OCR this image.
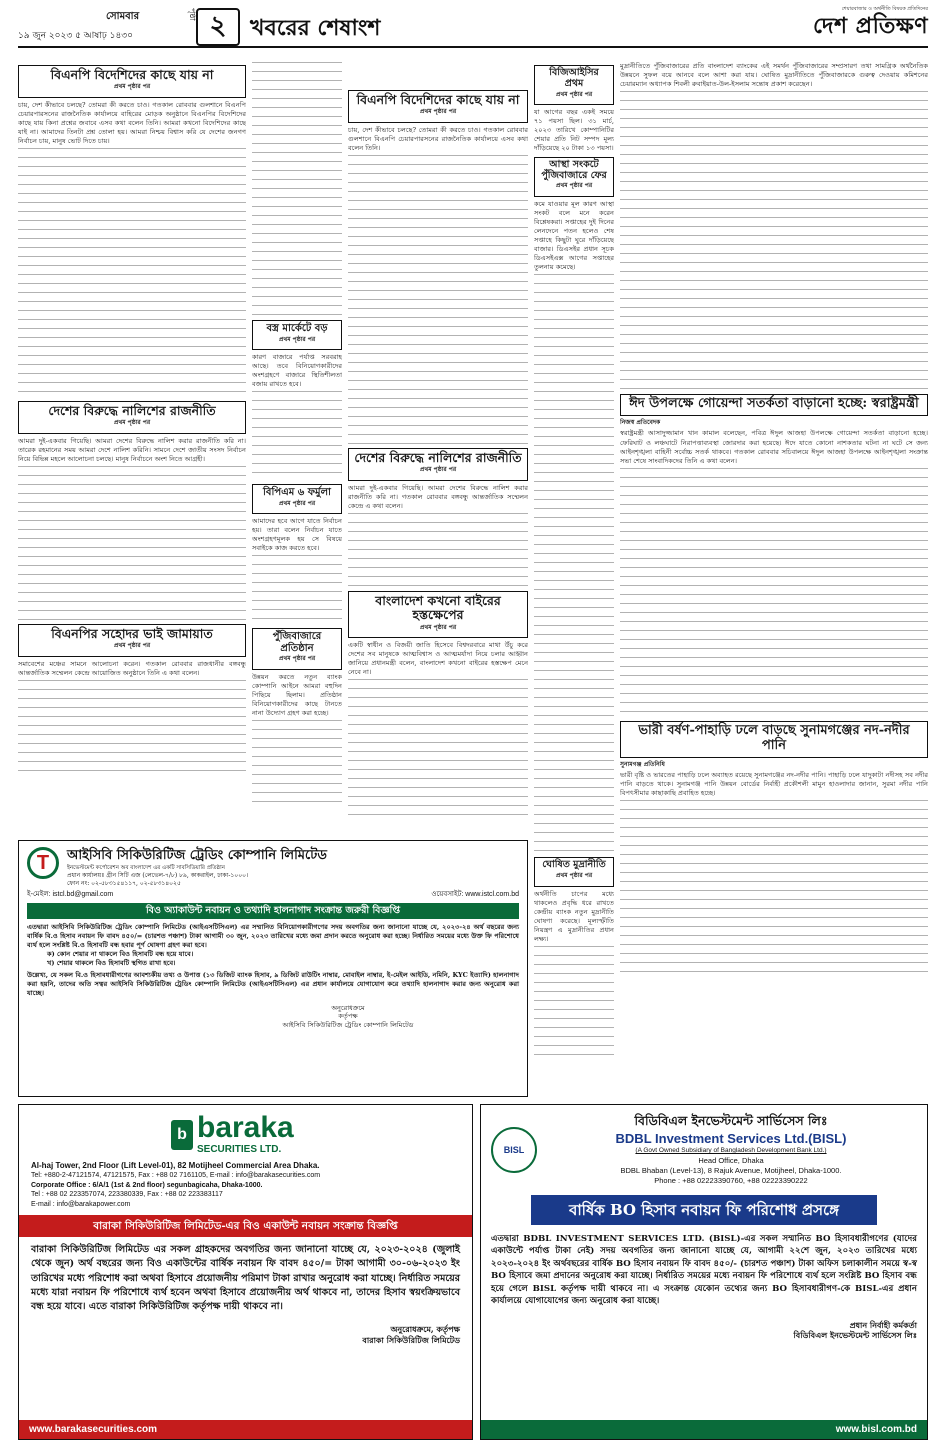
সোমবার
১৯ জুন ২০২৩ ৫ আষাঢ় ১৪৩০
পৃষ্ঠা ২	খবরের শেষাংশ
শেয়ারবাজার ও অর্থনীতি বিষয়ক প্রতিদিনের
দেশ প্রতিক্ষণ
বিএনপি বিদেশিদের কাছে যায় না
প্রথম পৃষ্ঠার পর

চায়, দেশ কীভাবে চলছে? তোমরা কী করতে চাও। গতকাল রোববার গুলশানে বিএনপি চেয়ারপারসনের রাজনৈতিক কার্যালয়ে বাহিরের মোড়ক অনুষ্ঠানে বিএনপির বিদেশিদের কাছে যায় কিনা প্রশ্নের জবাবে এসব কথা বলেন তিনি। আমরা কখনো বিদেশিদের কাছে যাই না। আমাদের তিনটা প্রশ্ন তোলা হয়। আমরা নিশ্চয় বিশ্বাস করি যে দেশের জনগণ নির্বাচন চায়, মানুষ ভোট দিতে চায়।

দেশের বিরুদ্ধে নালিশের রাজনীতি
প্রথম পৃষ্ঠার পর

আমরা দুই-একবার গিয়েছি। আমরা দেশের বিরুদ্ধে নালিশ করার রাজনীতি করি না। তারেক রহমানের সময় আমরা দেশে নালিশ করিনি। সামনে দেশে জাতীয় সংসদ নির্বাচন নিয়ে বিভিন্ন মহলে আলোচনা চলছে। মানুষ নির্বাচনে অংশ নিতে আগ্রহী।

বিএনপির সহোদর ভাই জামায়াত
প্রথম পৃষ্ঠার পর

সমাবেশের মঞ্চের সামনে আলোচনা করেন। গতকাল রোববার রাজধানীর বঙ্গবন্ধু আন্তর্জাতিক সম্মেলন কেন্দ্রে আয়োজিত অনুষ্ঠানে তিনি এ কথা বলেন।

বস্ত্র মার্কেটে বড়
প্রথম পৃষ্ঠার পর

কারণ বাজারে পর্যাপ্ত সরবরাহ আছে। তবে বিনিয়োগকারীদের অংশগ্রহণে বাজারে স্থিতিশীলতা বজায় রাখতে হবে।

বিপিএম ৬ ফর্মুলা
প্রথম পৃষ্ঠার পর

আমাদের হবে আগে যাতে নির্বাচন হয়। তারা বলেন নির্বাচন যাতে অংশগ্রহণমূলক হয় সে বিষয়ে সবাইকে কাজ করতে হবে।

পুঁজিবাজারে প্রতিষ্ঠান
প্রথম পৃষ্ঠার পর

উন্নয়ন করতে নতুন ব্যাংক কোম্পানি আইনে আমরা বহুদিন পিছিয়ে ছিলাম। প্রতিষ্ঠান বিনিয়োগকারীদের কাছে টানতে নানা উদ্যোগ গ্রহণ করা হচ্ছে।

বিএনপি বিদেশিদের কাছে যায় না
প্রথম পৃষ্ঠার পর

চায়, দেশ কীভাবে চলছে? তোমরা কী করতে চাও। গতকাল রোববার গুলশানে বিএনপি চেয়ারপারসনের রাজনৈতিক কার্যালয়ে এসব কথা বলেন তিনি।

দেশের বিরুদ্ধে নালিশের রাজনীতি
প্রথম পৃষ্ঠার পর

আমরা দুই-একবার গিয়েছি। আমরা দেশের বিরুদ্ধে নালিশ করার রাজনীতি করি না। গতকাল রোববার বঙ্গবন্ধু আন্তর্জাতিক সম্মেলন কেন্দ্রে এ কথা বলেন।

বাংলাদেশ কখনো বাইরের হস্তক্ষেপের
প্রথম পৃষ্ঠার পর

একটি স্বাধীন ও বিজয়ী জাতি হিসেবে বিশ্বদরবারে মাথা উঁচু করে দেশের সব মানুষকে আত্মবিশ্বাস ও আত্মমর্যাদা নিয়ে চলার আহ্বান জানিয়ে প্রধানমন্ত্রী বলেন, বাংলাদেশ কখনো বাইরের হস্তক্ষেপ মেনে নেবে না।

বিজিআইসির প্রথম
প্রথম পৃষ্ঠার পর

যা আগের বছর একই সময়ে ৭১ পয়সা ছিল। ৩১ মার্চ, ২০২৩ তারিখে কোম্পানিটির শেয়ার প্রতি নিট সম্পদ মূল্য দাঁড়িয়েছে ২০ টাকা ১৩ পয়সা।

আস্থা সংকটে পুঁজিবাজারে ফের
প্রথম পৃষ্ঠার পর

কমে যাওয়ার মূল কারণ আস্থা সংকট বলে মনে করেন বিশ্লেষকরা। সপ্তাহের দুই দিনের লেনদেনে পতন হলেও শেষ সপ্তাহে কিছুটা ঘুরে দাঁড়িয়েছে বাজার। ডিএসইর প্রধান সূচক ডিএসইএক্স আগের সপ্তাহের তুলনায় কমেছে।

ঘোষিত মুদ্রানীতি
প্রথম পৃষ্ঠার পর

অর্থনীতি চাপের মধ্যে থাকলেও প্রবৃদ্ধি ধরে রাখতে কেন্দ্রীয় ব্যাংক নতুন মুদ্রানীতি ঘোষণা করেছে। মূল্যস্ফীতি নিয়ন্ত্রণ এ মুদ্রানীতির প্রধান লক্ষ্য।

মুদ্রানীতিতে পুঁজিবাজারের প্রতি বাংলাদেশ ব্যাংকের এই সমর্থন পুঁজিবাজারের সম্প্রসারণ তথা সামগ্রিক অর্থনৈতিক উন্নয়নে সুফল বয়ে আনবে বলে আশা করা যায়। ঘোষিত মুদ্রানীতিতে পুঁজিবাজারকে গুরুত্ব দেওয়ায় কমিশনের চেয়ারম্যান অধ্যাপক শিবলী রুবাইয়াত-উল-ইসলাম সন্তোষ প্রকাশ করেছেন।

ঈদ উপলক্ষে গোয়েন্দা সতর্কতা বাড়ানো হচ্ছে: স্বরাষ্ট্রমন্ত্রী
নিজস্ব প্রতিবেদক

স্বরাষ্ট্রমন্ত্রী আসাদুজ্জামান খান কামাল বলেছেন, পবিত্র ঈদুল আজহা উপলক্ষে গোয়েন্দা সতর্কতা বাড়ানো হচ্ছে। ফেরিঘাট ও লঞ্চঘাটে নিরাপত্তাব্যবস্থা জোরদার করা হয়েছে। ঈদে যাতে কোনো নাশকতার ঘটনা না ঘটে সে জন্য আইনশৃঙ্খলা বাহিনী সর্বোচ্চ সতর্ক থাকবে। গতকাল রোববার সচিবালয়ে ঈদুল আজহা উপলক্ষে আইনশৃঙ্খলা সংক্রান্ত সভা শেষে সাংবাদিকদের তিনি এ কথা বলেন।

ভারী বর্ষণ-পাহাড়ি ঢলে বাড়ছে সুনামগঞ্জের নদ-নদীর পানি
সুনামগঞ্জ প্রতিনিধি

ভারী বৃষ্টি ও ভারতের পাহাড়ি ঢলে অব্যাহত রয়েছে সুনামগঞ্জের নদ-নদীর পানি। পাহাড়ি ঢলে যাদুকাটা নদীসহ সব নদীর পানি বাড়তে থাকে। সুনামগঞ্জ পানি উন্নয়ন বোর্ডের নির্বাহী প্রকৌশলী মামুন হাওলাদার জানান, সুরমা নদীর পানি বিপৎসীমার কাছাকাছি প্রবাহিত হচ্ছে।

T	আইসিবি সিকিউরিটিজ ট্রেডিং কোম্পানি লিমিটেড
ইনভেস্টমেন্ট কর্পোরেশন অব বাংলাদেশ এর একটি সাবসিডিয়ারি প্রতিষ্ঠান
প্রধান কার্যালয়ঃ গ্রীন সিটি এজ (লেভেল-৭/৮) ৮৯, কাকরাইল, ঢাকা-১০০০।
ফোন নং: ০২-৫৮৩১৫৪১১৭, ০২-৫৮৩১৪০২৫
ই-মেইল: istcl.bd@gmail.com	ওয়েবসাইট: www.istcl.com.bd
বিও অ্যাকাউন্ট নবায়ন ও তথ্যাদি হালনাগাদ সংক্রান্ত জরুরী বিজ্ঞপ্তি

এতদ্বারা আইসিবি সিকিউরিটিজ ট্রেডিং কোম্পানি লিমিটেড (আইএসটিসিএল) এর সম্মানিত বিনিয়োগকারীগণের সদয় অবগতির জন্য জানানো যাচ্ছে যে, ২০২৩-২৪ অর্থ বছরের জন্য বার্ষিক বি.ও হিসাব নবায়ন ফি বাবদ ৪৫০/= (চারশত পঞ্চাশ) টাকা আগামী ৩০ জুন, ২০২৩ তারিখের মধ্যে জমা প্রদান করতে অনুরোধ করা হচ্ছে। নির্ধারিত সময়ের মধ্যে উক্ত ফি পরিশোধে ব্যর্থ হলে সংশ্লিষ্ট বি.ও হিসাবটি বন্ধ হবার পূর্ণ ঘোষণা গ্রহণ করা হবে।

ক) কোন শেয়ার না থাকলে বিও হিসাবটি বন্ধ হয়ে যাবে।

খ) শেয়ার থাকলে বিও হিসাবটি স্থগিত রাখা হবে।

উল্লেখ্য, যে সকল বি.ও হিসাবধারীগণের আবশ্যকীয় তথ্য ও উপাত্ত (১৩ ডিজিট ব্যাংক হিসাব, ৯ ডিজিট রাউটিং নাম্বার, মোবাইল নাম্বার, ই-মেইল আইডি, নমিনি, KYC ইত্যাদি) হালনাগাদ করা হয়নি, তাদের অতি সত্বর আইসিবি সিকিউরিটিজ ট্রেডিং কোম্পানি লিমিটেড (আইএসটিসিএল) এর প্রধান কার্যালয়ে যোগাযোগ করে তথ্যাদি হালনাগাদ করার জন্য অনুরোধ করা যাচ্ছে।

অনুরোধক্রমে
কর্তৃপক্ষ
আইসিবি সিকিউরিটিজ ট্রেডিং কোম্পানি লিমিটেড
b baraka
SECURITIES LTD.
Al-haj Tower, 2nd Floor (Lift Level-01), 82 Motijheel Commercial Area Dhaka.
Tel: +880-2-47121574, 47121575, Fax : +88 02 7161105, E-mail : info@barakasecurities.com
Corporate Office : 6/A/1 (1st & 2nd floor) segunbagicaha, Dhaka-1000.
Tel : +88 02 223357074, 223380339, Fax : +88 02 223383117
E-mail : info@barakapower.com
বারাকা সিকিউরিটিজ লিমিটেড-এর বিও একাউন্ট নবায়ন সংক্রান্ত বিজ্ঞপ্তি

বারাকা সিকিউরিটিজ লিমিটেড এর সকল গ্রাহকদের অবগতির জন্য জানানো যাচ্ছে যে, ২০২৩-২০২৪ (জুলাই থেকে জুন) অর্থ বছরের জন্য বিও একাউন্টের বার্ষিক নবায়ন ফি বাবদ ৪৫০/= টাকা আগামী ৩০-০৬-২০২৩ ইং তারিখের মধ্যে পরিশোধ করা অথবা হিসাবে প্রয়োজনীয় পরিমাণ টাকা রাখার অনুরোধ করা যাচ্ছে। নির্ধারিত সময়ের মধ্যে যারা নবায়ন ফি পরিশোধে ব্যর্থ হবেন অথবা হিসাবে প্রয়োজনীয় অর্থ থাকবে না, তাদের হিসাব স্বয়ংক্রিয়ভাবে বন্ধ হয়ে যাবে। এতে বারাকা সিকিউরিটিজ কর্তৃপক্ষ দায়ী থাকবে না।

অনুরোধক্রমে, কর্তৃপক্ষ
বারাকা সিকিউরিটিজ লিমিটেড
www.barakasecurities.com
BISL
বিডিবিএল ইনভেস্টমেন্ট সার্ভিসেস লিঃ
BDBL Investment Services Ltd.(BISL)
(A Govt Owned Subsidiary of Bangladesh Development Bank Ltd.)
Head Office, Dhaka
BDBL Bhaban (Level-13), 8 Rajuk Avenue, Motijheel, Dhaka-1000.
Phone : +88 02223390760, +88 02223390222
বার্ষিক BO হিসাব নবায়ন ফি পরিশোধ প্রসঙ্গে

এতদ্বারা BDBL INVESTMENT SERVICES LTD. (BISL)-এর সকল সম্মানিত BO হিসাবধারীগণের (যাদের একাউন্টে পর্যাপ্ত টাকা নেই) সদয় অবগতির জন্য জানানো যাচ্ছে যে, আগামী ২২শে জুন, ২০২৩ তারিখের মধ্যে ২০২৩-২০২৪ ইং অর্থবছরের বার্ষিক BO হিসাব নবায়ন ফি বাবদ ৪৫০/- (চারশত পঞ্চাশ) টাকা অফিস চলাকালীন সময়ে স্ব-স্ব BO হিসাবে জমা প্রদানের অনুরোধ করা যাচ্ছে। নির্ধারিত সময়ের মধ্যে নবায়ন ফি পরিশোধে ব্যর্থ হলে সংশ্লিষ্ট BO হিসাব বন্ধ হয়ে গেলে BISL কর্তৃপক্ষ দায়ী থাকবে না। এ সংক্রান্ত যেকোন তথ্যের জন্য BO হিসাবধারীগণ-কে BISL-এর প্রধান কার্যালয়ে যোগাযোগের জন্য অনুরোধ করা যাচ্ছে।

প্রধান নির্বাহী কর্মকর্তা
বিডিবিএল ইনভেস্টমেন্ট সার্ভিসেস লিঃ
www.bisl.com.bd
